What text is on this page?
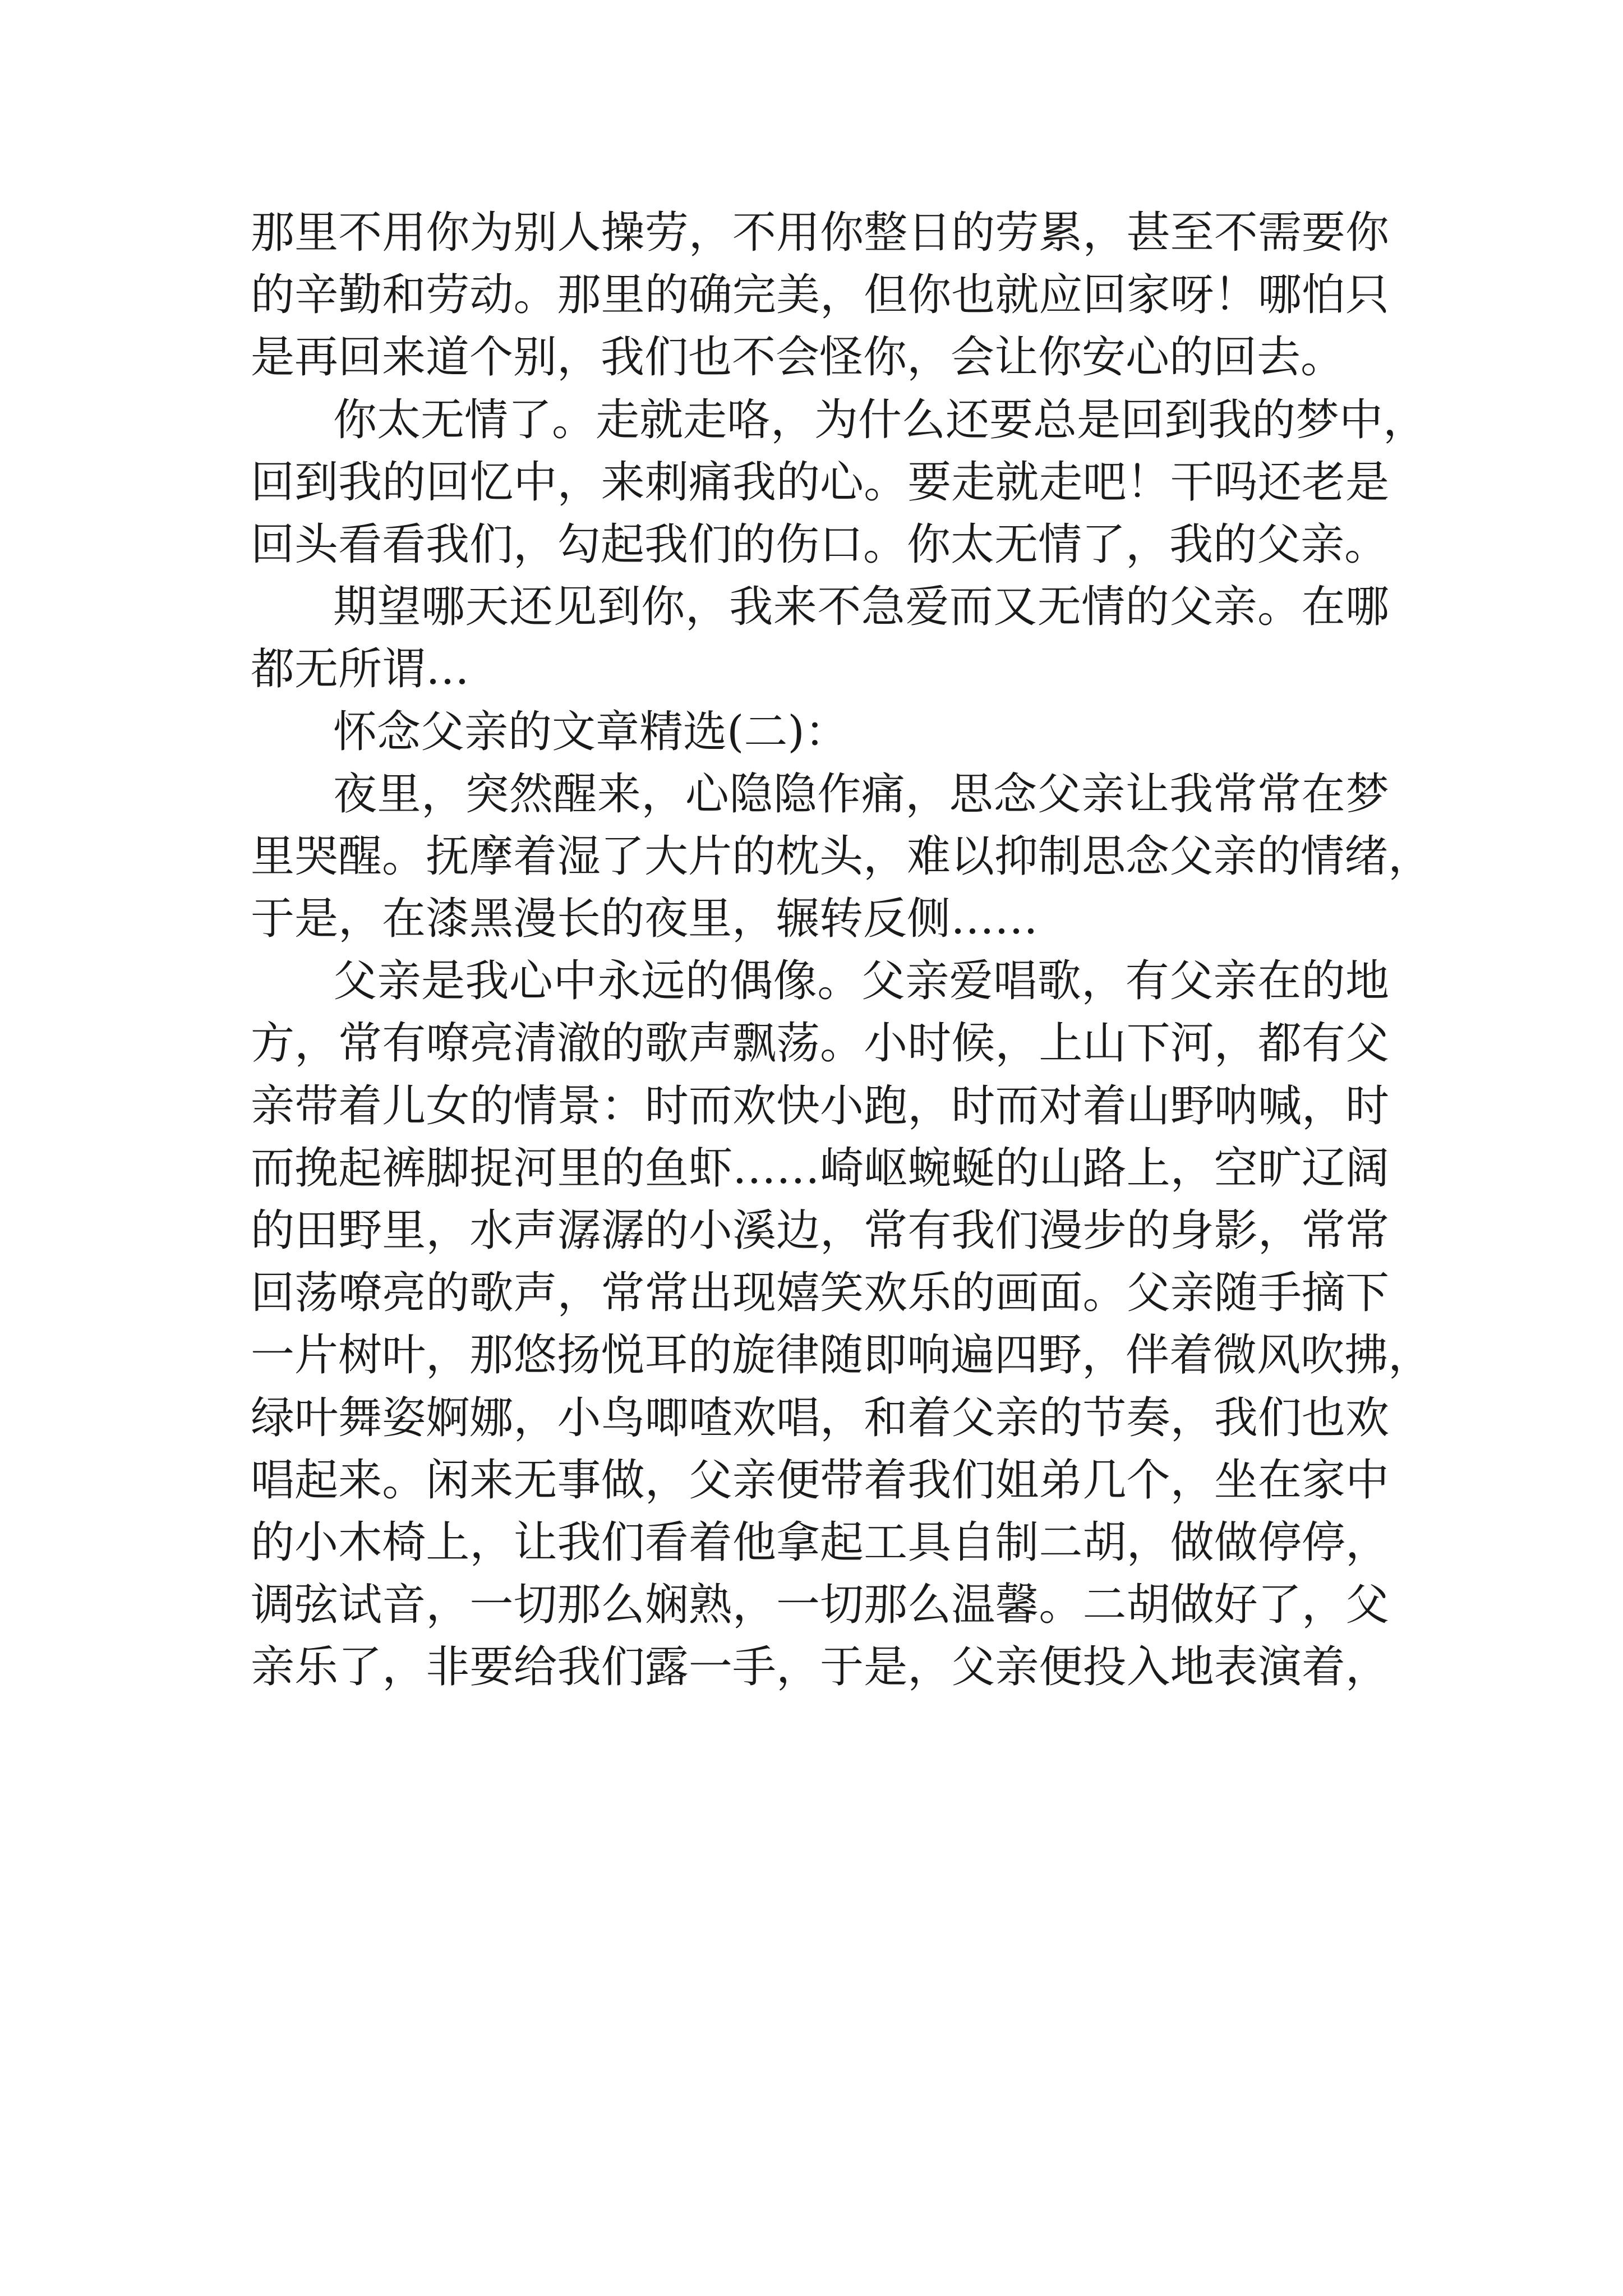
那里不用你为别人操劳，不用你整日的劳累，甚至不需要你
的辛勤和劳动。那里的确完美，但你也就应回家呀！哪怕只
是再回来道个别，我们也不会怪你，会让你安心的回去。
你太无情了。走就走咯，为什么还要总是回到我的梦中，
回到我的回忆中，来刺痛我的心。要走就走吧！干吗还老是
回头看看我们，勾起我们的伤口。你太无情了，我的父亲。
期望哪天还见到你，我来不急爱而又无情的父亲。在哪
都无所谓…
怀念父亲的文章精选(二)：
夜里，突然醒来，心隐隐作痛，思念父亲让我常常在梦
里哭醒。抚摩着湿了大片的枕头，难以抑制思念父亲的情绪，
于是，在漆黑漫长的夜里，辗转反侧……
父亲是我心中永远的偶像。父亲爱唱歌，有父亲在的地
方，常有嘹亮清澈的歌声飘荡。小时候，上山下河，都有父
亲带着儿女的情景：时而欢快小跑，时而对着山野呐喊，时
而挽起裤脚捉河里的鱼虾……崎岖蜿蜒的山路上，空旷辽阔
的田野里，水声潺潺的小溪边，常有我们漫步的身影，常常
回荡嘹亮的歌声，常常出现嬉笑欢乐的画面。父亲随手摘下
一片树叶，那悠扬悦耳的旋律随即响遍四野，伴着微风吹拂，
绿叶舞姿婀娜，小鸟唧喳欢唱，和着父亲的节奏，我们也欢
唱起来。闲来无事做，父亲便带着我们姐弟几个，坐在家中
的小木椅上，让我们看着他拿起工具自制二胡，做做停停，
调弦试音，一切那么娴熟，一切那么温馨。二胡做好了，父
亲乐了，非要给我们露一手，于是，父亲便投入地表演着，
